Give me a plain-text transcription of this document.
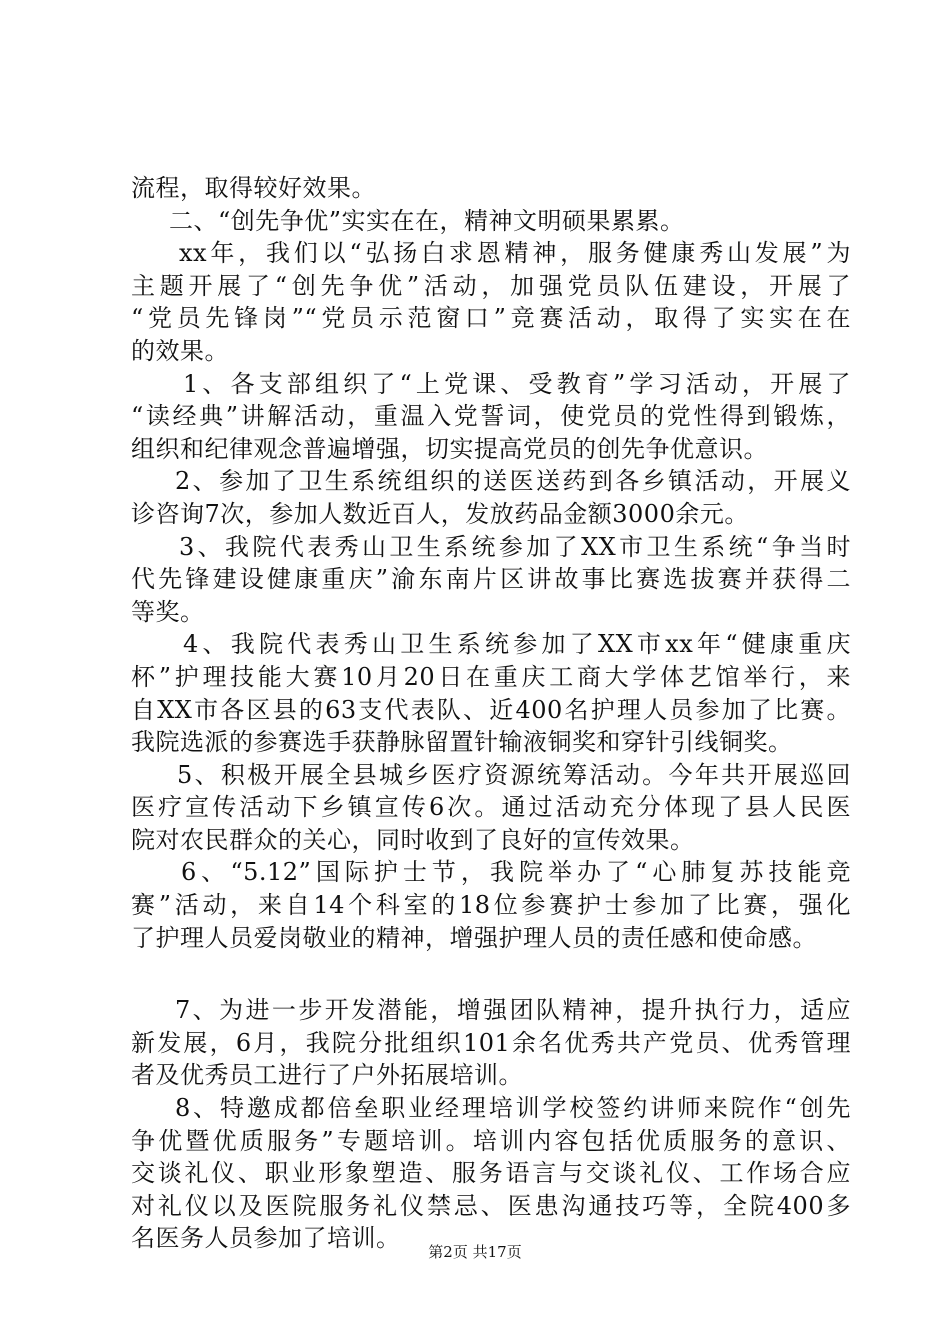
流程，取得较好效果。
二、“创先争优”实实在在，精神文明硕果累累。
xx年，我们以“弘扬白求恩精神，服务健康秀山发展”为
主题开展了“创先争优”活动，加强党员队伍建设，开展了
“党员先锋岗”“党员示范窗口”竞赛活动，取得了实实在在
的效果。
1、各支部组织了“上党课、受教育”学习活动，开展了
“读经典”讲解活动，重温入党誓词，使党员的党性得到锻炼，
组织和纪律观念普遍增强，切实提高党员的创先争优意识。
2、参加了卫生系统组织的送医送药到各乡镇活动，开展义
诊咨询7次，参加人数近百人，发放药品金额3000余元。
3、我院代表秀山卫生系统参加了XX市卫生系统“争当时
代先锋建设健康重庆”渝东南片区讲故事比赛选拔赛并获得二
等奖。
4、我院代表秀山卫生系统参加了XX市xx年“健康重庆
杯”护理技能大赛10月20日在重庆工商大学体艺馆举行，来
自XX市各区县的63支代表队、近400名护理人员参加了比赛。
我院选派的参赛选手获静脉留置针输液铜奖和穿针引线铜奖。
5、积极开展全县城乡医疗资源统筹活动。今年共开展巡回
医疗宣传活动下乡镇宣传6次。通过活动充分体现了县人民医
院对农民群众的关心，同时收到了良好的宣传效果。
6、“5.12”国际护士节，我院举办了“心肺复苏技能竞
赛”活动，来自14个科室的18位参赛护士参加了比赛，强化
了护理人员爱岗敬业的精神，增强护理人员的责任感和使命感。
7、为进一步开发潜能，增强团队精神，提升执行力，适应
新发展，6月，我院分批组织101余名优秀共产党员、优秀管理
者及优秀员工进行了户外拓展培训。
8、特邀成都倍垒职业经理培训学校签约讲师来院作“创先
争优暨优质服务”专题培训。培训内容包括优质服务的意识、
交谈礼仪、职业形象塑造、服务语言与交谈礼仪、工作场合应
对礼仪以及医院服务礼仪禁忌、医患沟通技巧等，全院400多
名医务人员参加了培训。	第2页 共17页
